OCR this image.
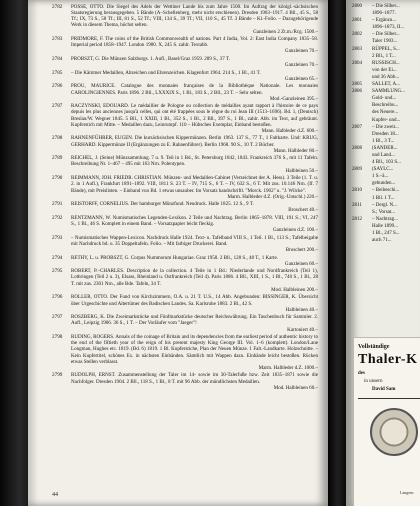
2782	POSSE, OTTO. Die Siegel des Adels der Wettiner Lande bis zum Jahre 1500. Im Auftrag der königl.-sächsischen Staatsregierung herausgegeben. 5 Bände (A–Schellenberg, mehr nicht erschienen). Dresden 1903–1917. 4 Bll., 45 S., 58 Tf.; IX, 73 S., 58 Tf.; III, 81 S., 52 Tf.; VIII, 134 S., 39 Tf.; VII, 110 S., 45 Tf. 3 Bände – Kl.-Folio. – Dazugehörigende Werk in diesem Thema, höchst selten.
Ganzleinen 2 Zt.m./Rcg. 1500.–
2783	PRIDMORE, F. The coins of the British Commonwealth of nations. Part 4 India, Vol. 2: East India Company 1835–58. Imperial period 1858–1947. London 1980. X, 245 S. zahlr. Textabb.
Ganzleinen 70.–
2784	PROBSZT, G. Die Münzen Salzburgs. 1. Aufl., Basel/Graz 1959. 289 S., 37 T.
Ganzleinen 70.–
2785	– Die Kärntner Medaillen, Abzeichen und Ehrenzeichen. Klagenfurt 1964. 214 S., 1 Bl., 41 T.
Ganzleinen 65.–
2786	PROU, MAURICE. Catalogue des monnaies françaises de la Bibliothèque Nationale. Les monnaies CAROLINGIENNES. Paris 1896. 2 Bll., LXXXIX S., 1 Bl., 183 S., 2 Bll., 23 T. – Sehr selten.
Mod.-Ganzleinen 395.–
2787	RACZYNSKI, EDOUARD. Le médaillier de Pologne ou collection de médailles ayant rapport à l'histoire de ce pays depuis les plus anciennes jusqu'à celles, qui ont été frappées sous le règne du roi Jean III (1513–1696). Bd. 1, (Deutsch) Breslau/W. Wegner 1845. 5 Bll., 1 XXIII, 1 Bl., 352 S., 1 Bl., 2 Bll., 397 S., 1 Bl., zahlr. Abb. im Text, auf gebräunt. Kupferstich mit Mitte. – Medaillen dazu, Leinrumpf. 110 – Hübsches Exemplar, Einband bestoßen.
Mann. Halbleder d.Z. 600.–
2788	RAHNENFÜHRER, EUGEN. Die kursächsischen Kippermünzen. Berlin 1963. 137 S., 77 T., 1 Faltkarte. Und: KRUG, GERHARD. Kippermünze II (Ergänzungen zu E. Rahnenführer). Berlin 1968. 90 S., 10 T. 2 Bücher.
Mann. Halbleder 80.–
2789	REICHEL, J. (Seine) Münzsammlung. 7 u. 9. Teil in 1 Bd., St. Petersburg 1842, 1843. Frankreich 376 S., mit 11 Tafeln. Beschreibung Nr. 1–467 – 495 mit 163 Nrn. Polentypen.
Halbleinen 50.–
2790	REIMMANN, JOH. FRIEDR. CHRISTIAN. Münzen- und Medaillen-Cabinet (Verzeichnet der A. Hess). 3 Teile (1. T. u. 2. in 1 Aufl.), Frankfurt 1891–1892. VIII, 1811 S. 23 T. – IV, 715 S., 6 T. – IV, 632 S., 6 T. Mit zus. 10.146 Nrn. (If. 7 Bände), mit Preislisten. – Einband von Bd. 1 etwas unsauber. Im Vorsatz handschriftl. "Morck. 1902" u. "J. Wilcke".
Marm. Halbleder d.Z. (Orig.-Umschl.) 220.–
2791	REISTORFF, CORNELIUS. Der hamburger Münzfund. Neudruck. Halle 1825. 12 S., 9 T.
Broschert 40.–
2792	RENTZMANN, W. Numismatisches Legenden-Lexikon. 2 Teile und Nachtrag. Berlin 1865–1878. VIII, 191 S.; VI, 247 S., 1 Bl., 46 S. Komplett in einem Band. – Vorsatzpapier leicht fleckig.
Ganzleinen d.Z. 100.–
2793	– Numismatisches Wappen-Lexicon. Nachdruck Halle 1924. Text- u. Tafelband VIII S., 1 Teil. 1 Bl., 113 S.; Tafelbeigabe mit Nachdruck bd. u. 35 Doppeltafeln. Folio. – Mit farbiger Druckerei. Band.
Broschert 200.–
2794	RETHY, L. u. PROBSZT, G. Corpus Nummorum Hungariae. Graz 1958. 2 Bll., 128 S., 48 T., 1 Karte.
Ganzleinen 60.–
2795	ROBERT, P.–CHARLES. Description de la collection. 4 Teile in 1 Bd.: Niederlande und Nordfrankreich (Teil 1), Lothringen (Teil 2 u. 3), Elsass, Rheinland u. Ostfrankreich (Teil 4). Paris 1886. 4 Bll., XIII, 1 S., 1 Bl., 740 S., 1 Bl., 28 T. mit zus. 2301 Nrn., alle Bde. Tafeln, 34 T.
Mod. Halbleinen 200.–
2796	ROLLER, OTTO. Der Fund von Kirchzimmern, O.A. u. 21 T. U.S., 14 Abb. Angebunden: BISSINGER, K. Übersicht über Urgeschichte und Altertümer des Badischen Landes. Sa. Karlsruhe 1883. 2 Bl., 42 S.
Halbleinen 40.–
2797	ROSZBERG, K. Die Zweimarkstücke und Fünfmarkstücke deutscher Reichswährung. Ein Taschenbuch für Sammler. 2. Aufl., Leipzig 1906. 36 S., 1 T. – Der Vorläufer vom "Jaeger"!
Kartoniert 40.–
2798	RUDING, ROGERS. Annals of the coinage of Britain and its dependencies from the earliest period of authentic history to the end of the fiftieth year of the reign of his present majesty King George III. Vol. 1–6 (komplett). London/Lane Longman, Hughes etc. 1819. (Bd. 6) 1819. 1 Bl. Kupferstiche, Plan der Neuen Münze. 1 Falt.-Landkarte. Holzschnitte. – Kein Kupfertitel, schönes Ex. in nächsten Einbänden. Sämtlich mit Wappen dazu. Einbände leicht bestoßen. Rücken etwas Stellen verblasst.
Marm. Halbleder d.Z. 1000.–
2799	RUDOLPH, ERNST. Zusammenstellung der Taler im 14- sowie im 30-Talerfuße bzw. Zeit 1835–1871 sowie die Nachfolger. Dresden 1904. 2 Bll., 118 S., 1 Bl., 8 T. mit 96 Abb. der mündlichsten Medaillen.
Mod. Halbleinen 60.–
44
2800	– Die Silber...
1896–1877.
2801	– Ergänzu...
1896–1873, II...
2802	– Die Silber...
Taler 1903...
2803	RÜPPEL, S...
2 Bll., 1 T...
2804	RUSSISCH...
von der Ei...
und 36 Abb...
2805	SALLET, A...
2806	SAMMLUNG...
Gold- und...
Beschreibu...
des Neuere...
Kupfer- und...
2807	– Die zweit...
Dresden 18...
1 Bl., 3 T...
2808	(SANDER...
und Land...
4 Bll., 103 S...
2809	(SAYLC...
1 S.–ä...
gebunden...
2810	– Beibeschi...
1 Bll. 1 T...
2811	– Dergl. N...
S.; Vorsat...
2812	– Nachtrag...
Halle 1899...
1 Bl., 247 S...
auch 71...
Vollständige
Thaler-K
des
in unsern
David Sam
Langens
